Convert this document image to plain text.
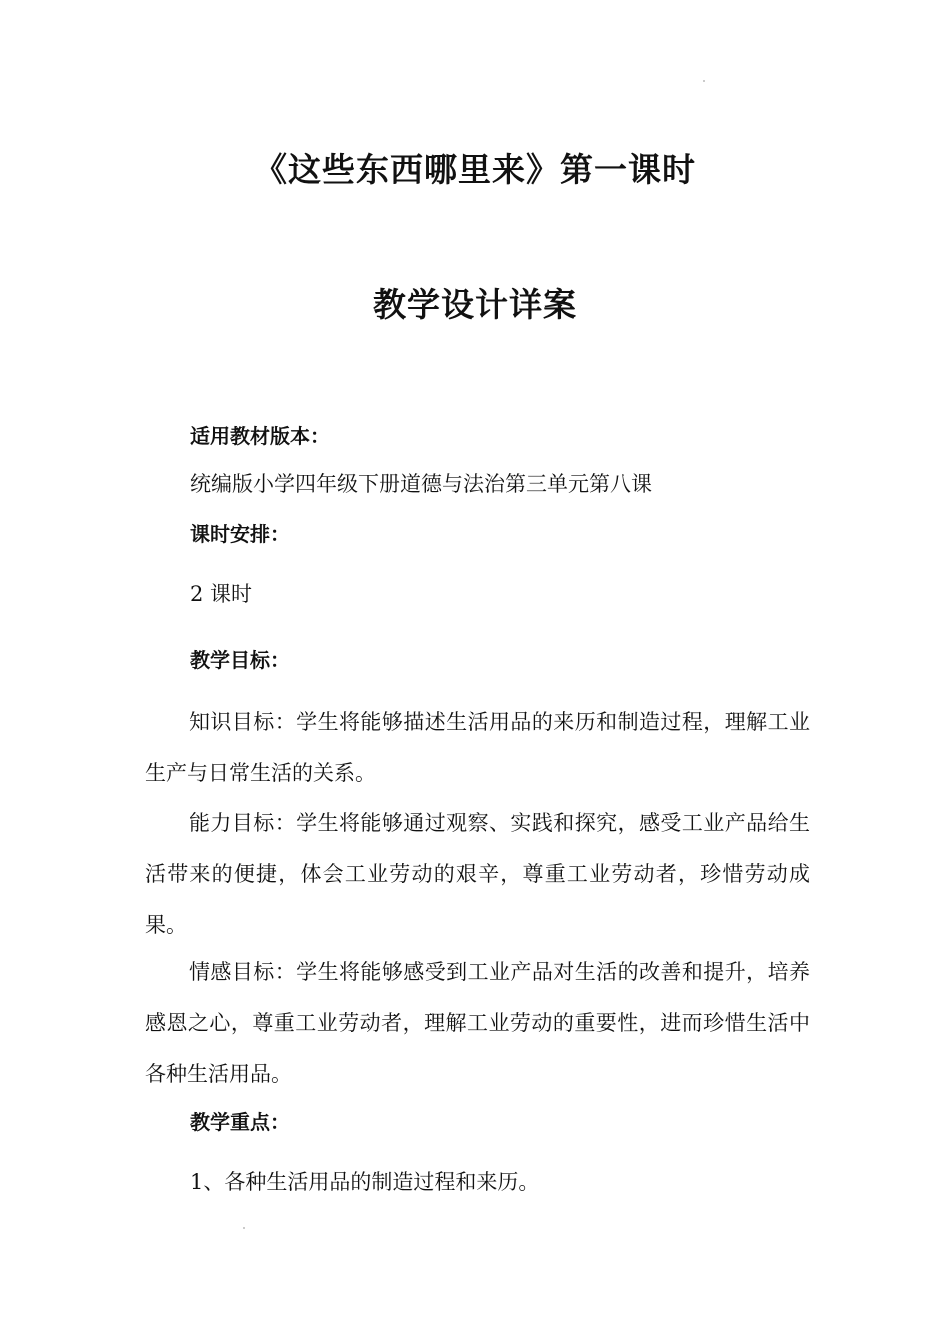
《这些东西哪里来》第一课时
教学设计详案

适用教材版本：

统编版小学四年级下册道德与法治第三单元第八课

课时安排：

2 课时

教学目标：

知识目标：学生将能够描述生活用品的来历和制造过程，理解工业生产与日常生活的关系。

能力目标：学生将能够通过观察、实践和探究，感受工业产品给生活带来的便捷，体会工业劳动的艰辛，尊重工业劳动者，珍惜劳动成果。

情感目标：学生将能够感受到工业产品对生活的改善和提升，培养感恩之心，尊重工业劳动者，理解工业劳动的重要性，进而珍惜生活中各种生活用品。

教学重点：

1、各种生活用品的制造过程和来历。
